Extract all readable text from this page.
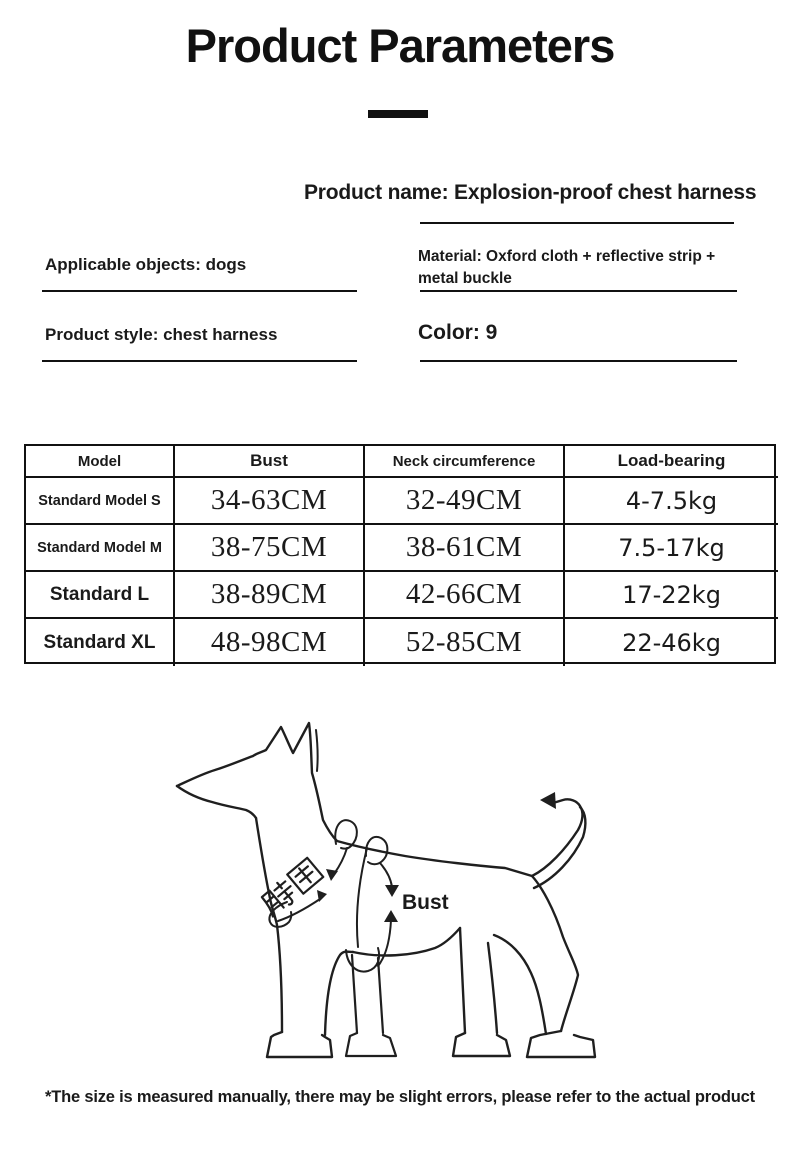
Product Parameters
Product name: Explosion-proof chest harness
Applicable objects: dogs	Material: Oxford cloth + reflective strip + metal buckle
Product style: chest harness	Color: 9
Model	Bust	Neck circumference	Load-bearing
Standard Model S	34-63CM	32-49CM	4-7.5kg
Standard Model M	38-75CM	38-61CM	7.5-17kg
Standard L	38-89CM	42-66CM	17-22kg
Standard XL	48-98CM	52-85CM	22-46kg
Bust
*The size is measured manually, there may be slight errors, please refer to the actual product
